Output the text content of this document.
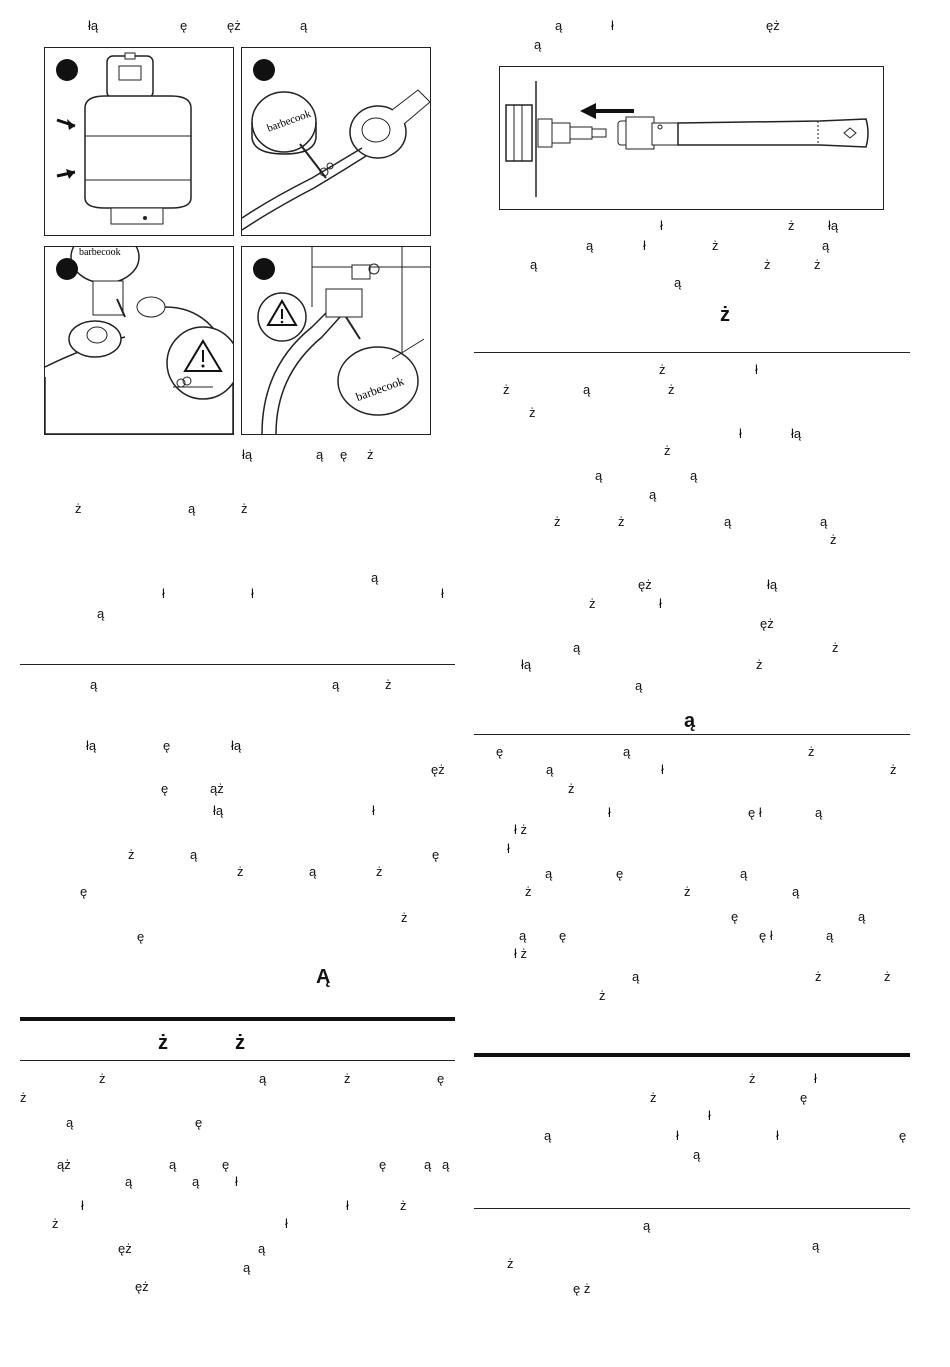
łą	ę	ęż	ą
barbecook
barbecook
barbecook
łą	ą ę ż
ż	ą	ż
ą
ł	ł	ł
ą
ą	ą	ż
łą	ę	łą
ęż
ę	ąż
łą	ł
ż	ą	ę
ż	ą	ż
ę
ż
ę
Ą
ż	ż
ż	ą	ż	ę
ż
ą	ę
ąż	ą	ę	ę	ą ą
ą	ą	ł
ł	ł	ż
ż	ł
ęż	ą
ą
ęż
ą	ł	ęż
ą
ł	ż	łą
ą	ł	ż	ą
ą	ż	ż
ą
ż
ż	ł
ż	ą	ż
ż
ł	łą
ż
ą	ą
ą
ż	ż	ą	ą
ż
ęż	łą
ż	ł
ęż
ą	ż
łą	ż
ą
ą
ę	ą	ż
ą	ł	ż
ż
ł	ę ł	ą
ł ż
ł
ą	ę	ą
ż	ż	ą
ę	ą
ą	ę	ę ł	ą
ł ż
ą	ż	ż
ż
ż	ł
ż	ę
ł
ą	ł	ł	ę
ą
ą
ą
ż
ę ż
